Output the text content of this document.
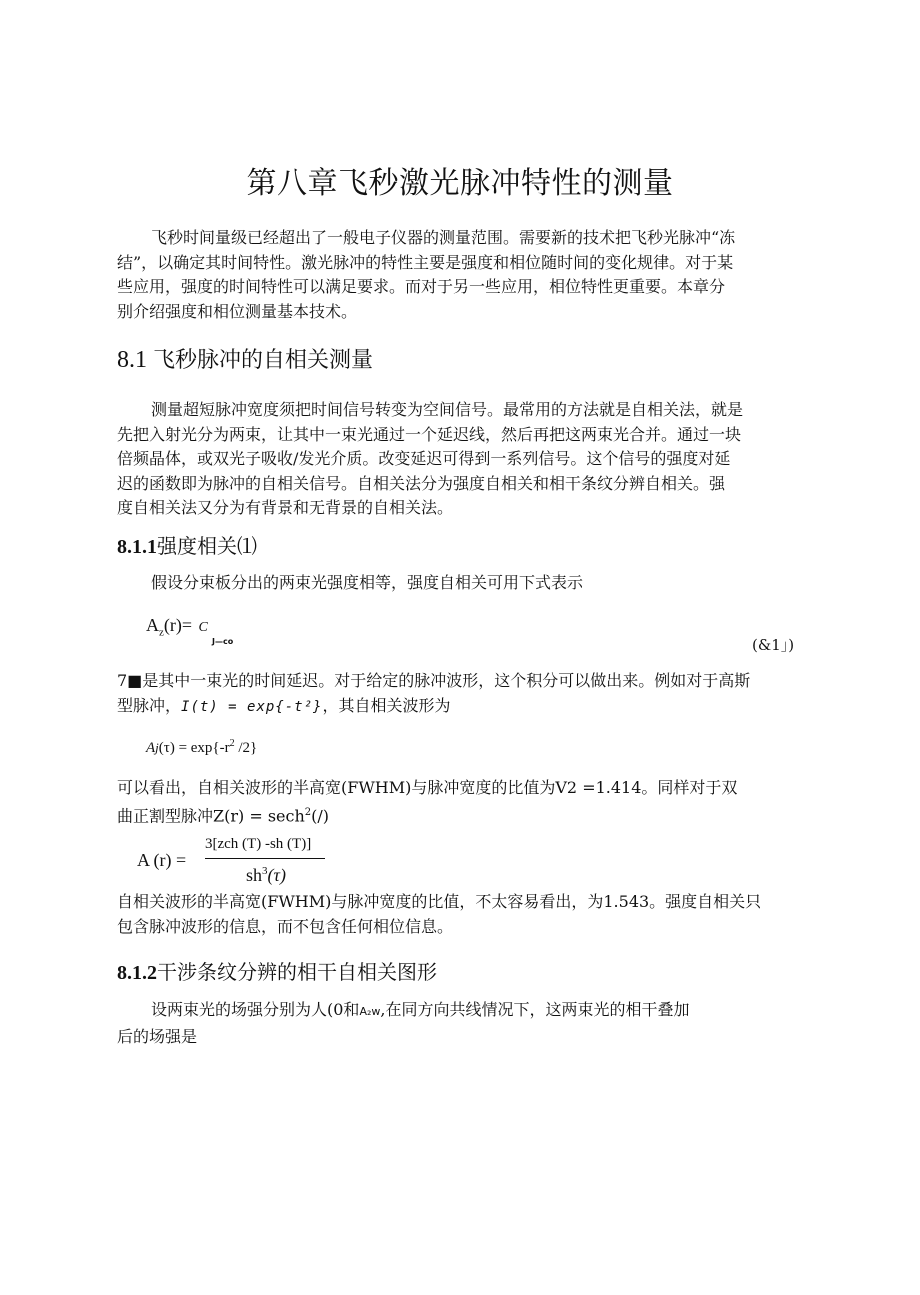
第八章飞秒激光脉冲特性的测量
飞秒时间量级已经超出了一般电子仪器的测量范围。需要新的技术把飞秒光脉冲“冻
结”，以确定其时间特性。激光脉冲的特性主要是强度和相位随时间的变化规律。对于某
些应用，强度的时间特性可以满足要求。而对于另一些应用，相位特性更重要。本章分
别介绍强度和相位测量基本技术。
8.1 飞秒脉冲的自相关测量
测量超短脉冲宽度须把时间信号转变为空间信号。最常用的方法就是自相关法，就是
先把入射光分为两束，让其中一束光通过一个延迟线，然后再把这两束光合并。通过一块
倍频晶体，或双光子吸收/发光介质。改变延迟可得到一系列信号。这个信号的强度对延
迟的函数即为脉冲的自相关信号。自相关法分为强度自相关和相干条纹分辨自相关。强
度自相关法又分为有背景和无背景的自相关法。
8.1.1强度相关⑴
假设分束板分出的两束光强度相等，强度自相关可用下式表示
$A_z(r)= C$
J—co	(&1」)
7■是其中一束光的时间延迟。对于给定的脉冲波形，这个积分可以做出来。例如对于高斯
型脉冲，I(t) = exp{-t²}，其自相关波形为
$Aj(\tau) = \exp\{-r^2$ /2}
可以看出，自相关波形的半高宽(FWHM)与脉冲宽度的比值为V2 =1.414。同样对于双
曲正割型脉冲Z(r) = sech$^2$(/)
A (r) =
3[zch (T) -sh (T)]
$sh^3(\tau)$
自相关波形的半高宽(FWHM)与脉冲宽度的比值，不太容易看出，为1.543。强度自相关只
包含脉冲波形的信息，而不包含任何相位信息。
8.1.2干涉条纹分辨的相干自相关图形
设两束光的场强分别为人(0和A₂w,在同方向共线情况下，这两束光的相干叠加
后的场强是
